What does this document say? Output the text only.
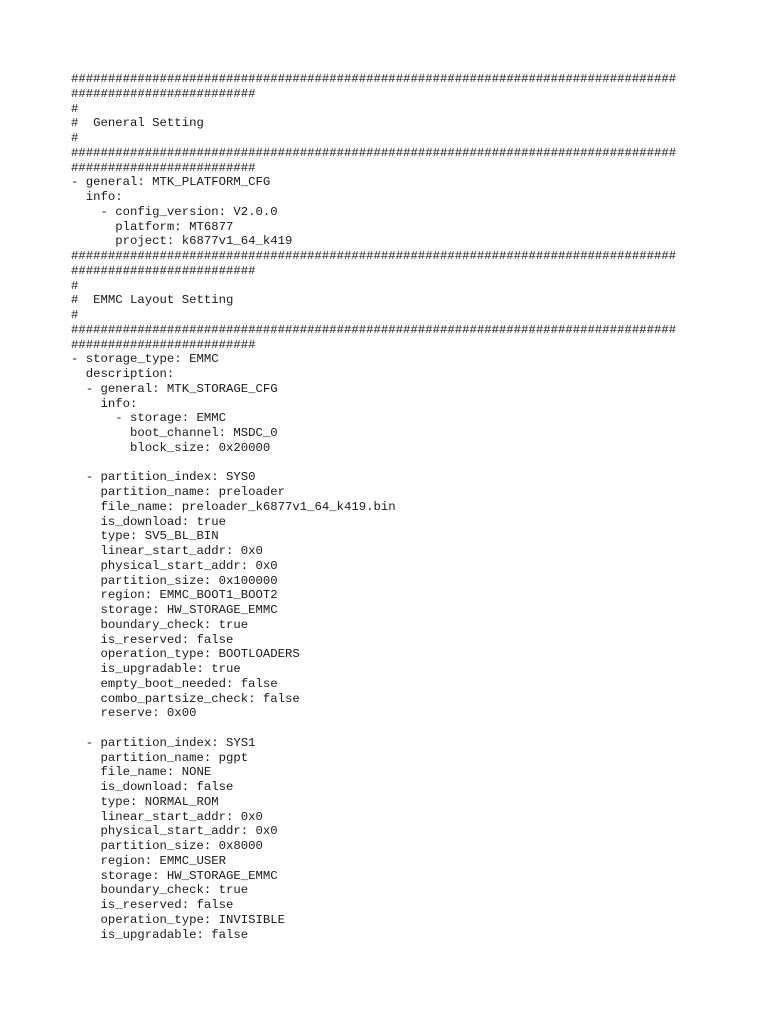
##################################################################################
#########################
#
#  General Setting
#
##################################################################################
#########################
- general: MTK_PLATFORM_CFG
info:
- config_version: V2.0.0
platform: MT6877
project: k6877v1_64_k419
##################################################################################
#########################
#
#  EMMC Layout Setting
#
##################################################################################
#########################
- storage_type: EMMC
description:
- general: MTK_STORAGE_CFG
info:
- storage: EMMC
boot_channel: MSDC_0
block_size: 0x20000
- partition_index: SYS0
partition_name: preloader
file_name: preloader_k6877v1_64_k419.bin
is_download: true
type: SV5_BL_BIN
linear_start_addr: 0x0
physical_start_addr: 0x0
partition_size: 0x100000
region: EMMC_BOOT1_BOOT2
storage: HW_STORAGE_EMMC
boundary_check: true
is_reserved: false
operation_type: BOOTLOADERS
is_upgradable: true
empty_boot_needed: false
combo_partsize_check: false
reserve: 0x00
- partition_index: SYS1
partition_name: pgpt
file_name: NONE
is_download: false
type: NORMAL_ROM
linear_start_addr: 0x0
physical_start_addr: 0x0
partition_size: 0x8000
region: EMMC_USER
storage: HW_STORAGE_EMMC
boundary_check: true
is_reserved: false
operation_type: INVISIBLE
is_upgradable: false
